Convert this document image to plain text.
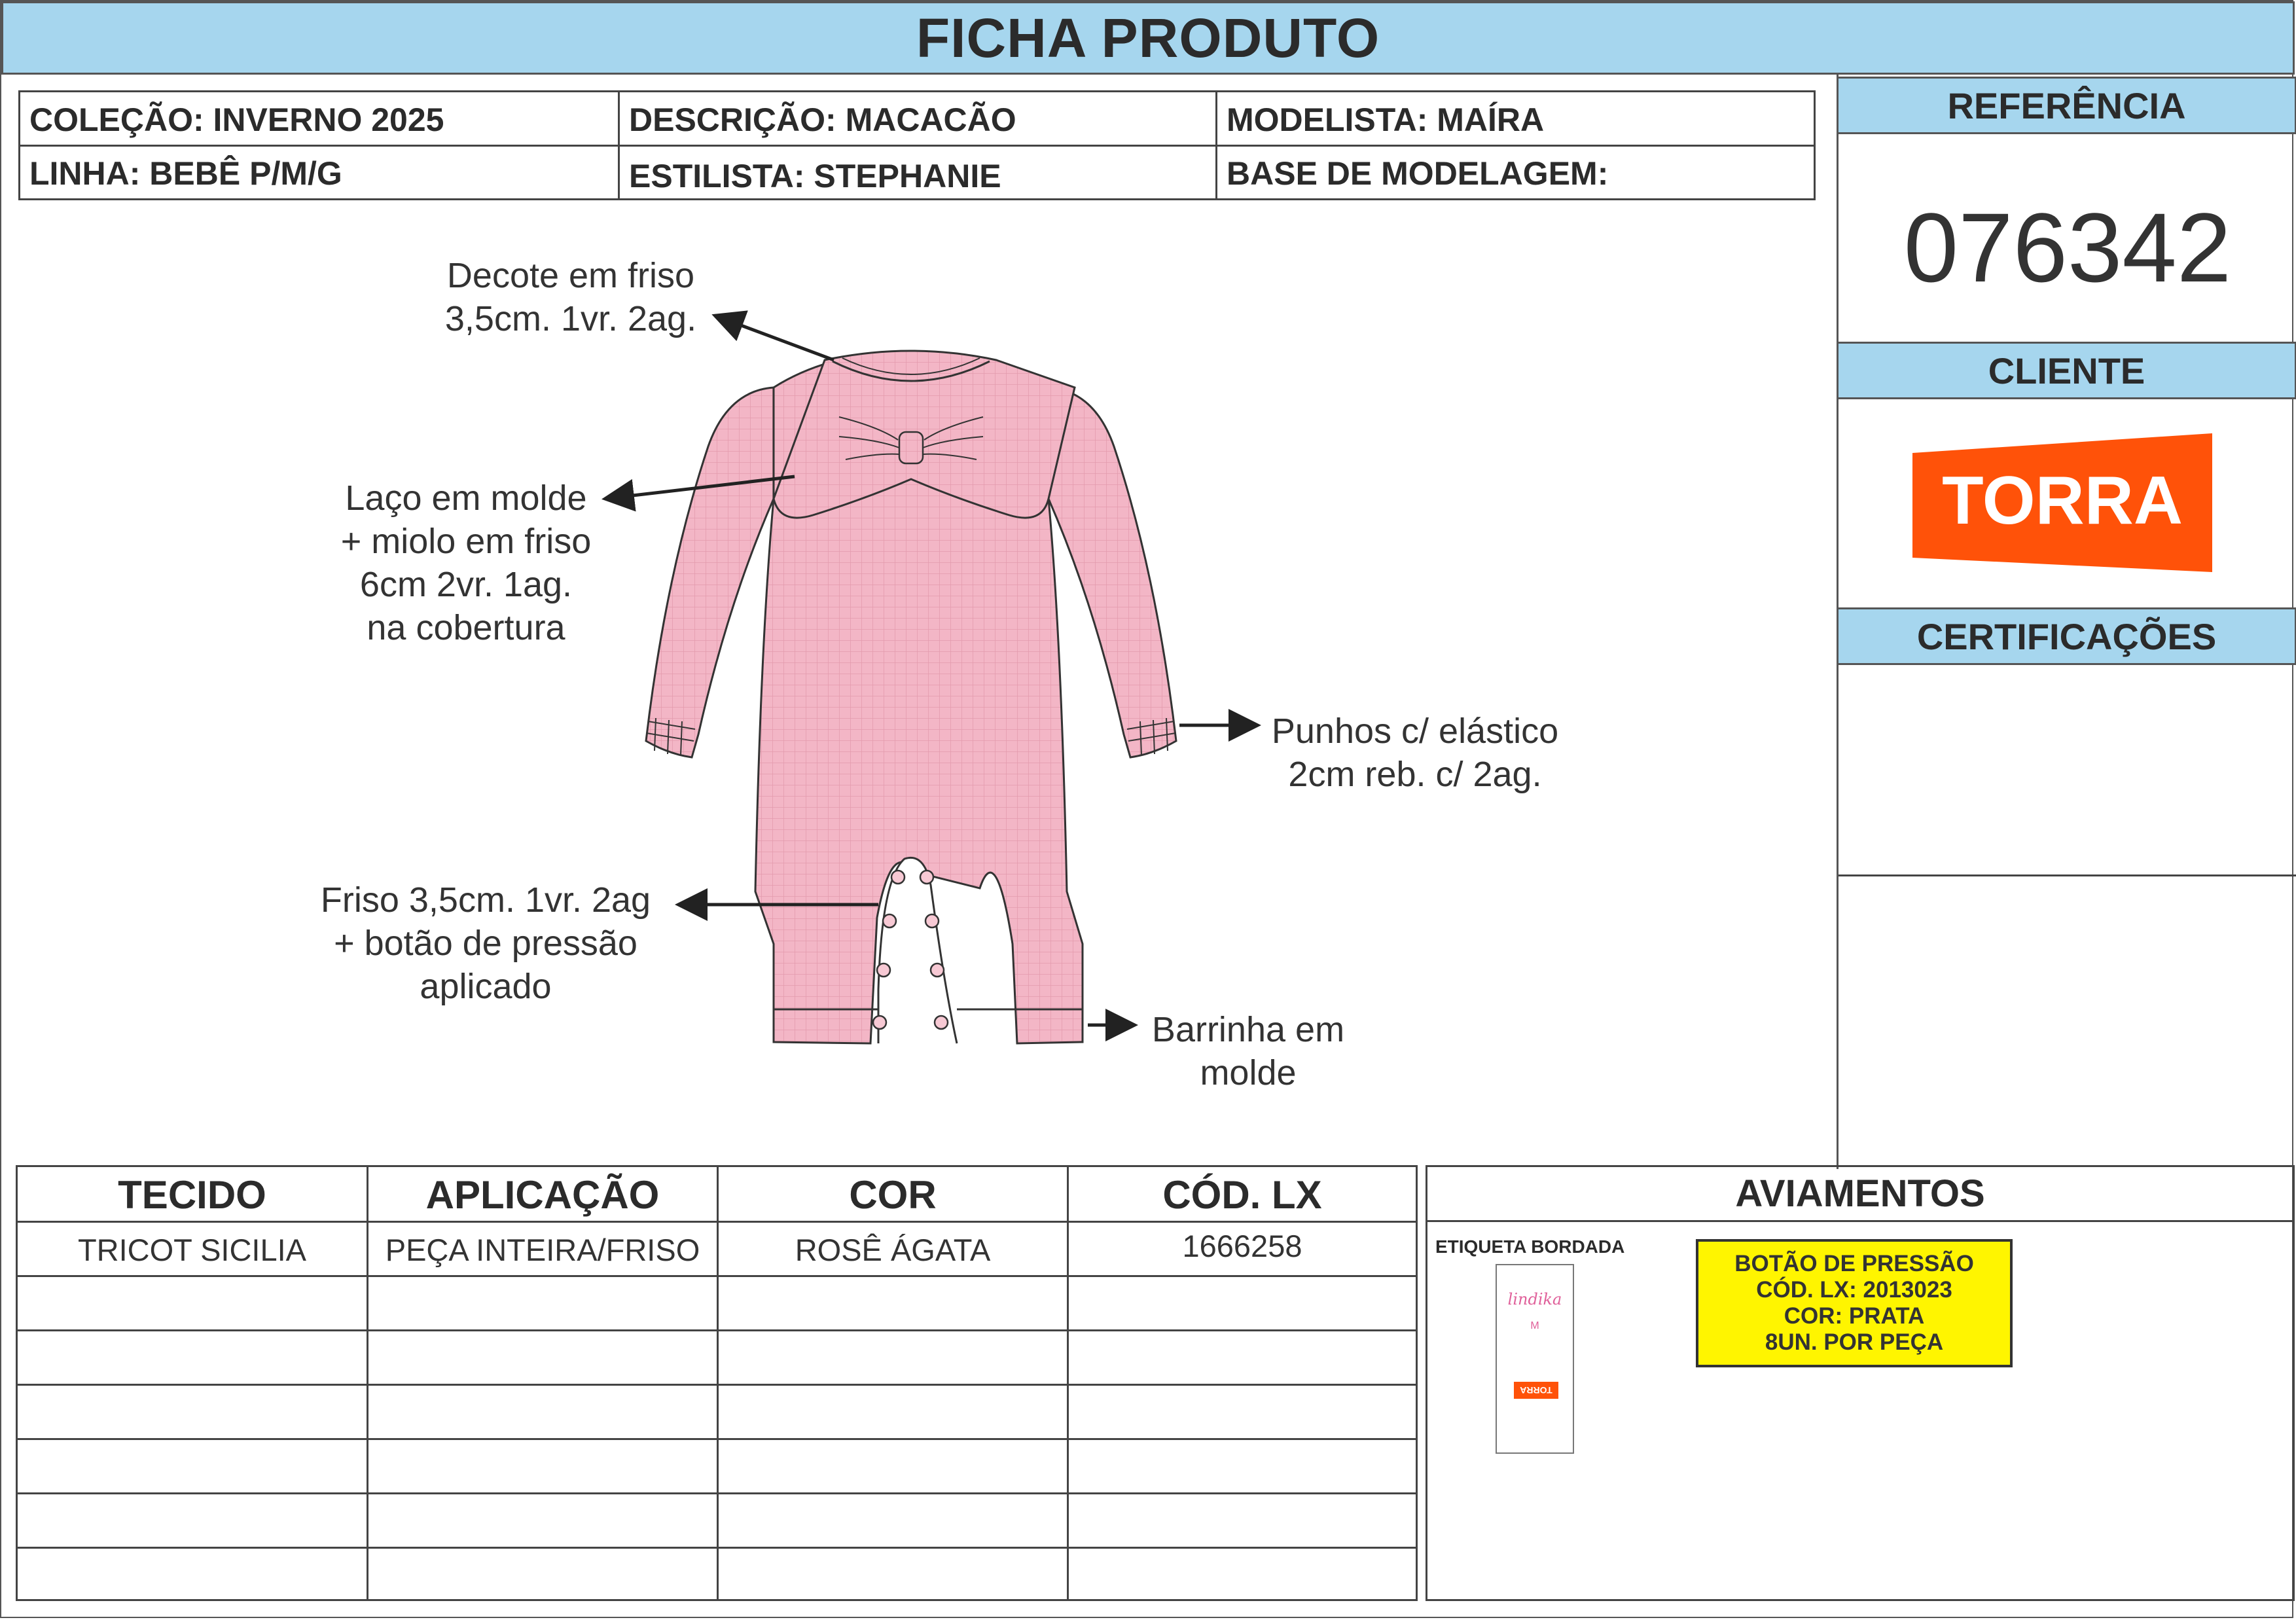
FICHA PRODUTO
COLEÇÃO: INVERNO 2025	DESCRIÇÃO: MACACÃO	MODELISTA: MAÍRA
LINHA: BEBÊ P/M/G	ESTILISTA: STEPHANIE	BASE DE MODELAGEM:
REFERÊNCIA
076342
CLIENTE
CERTIFICAÇÕES
TORRA
Decote em friso
3,5cm. 1vr. 2ag.
Laço em molde
+ miolo em friso
6cm 2vr. 1ag.
na cobertura
Punhos c/ elástico
2cm reb. c/ 2ag.
Friso 3,5cm. 1vr. 2ag
+ botão de pressão
aplicado
Barrinha em
molde
TECIDO	APLICAÇÃO	COR	CÓD. LX
TRICOT SICILIA	PEÇA INTEIRA/FRISO	ROSÊ ÁGATA	1666258
AVIAMENTOS
ETIQUETA BORDADA
lindika
M
TORRA
BOTÃO DE PRESSÃO
CÓD. LX: 2013023
COR: PRATA
8UN. POR PEÇA
